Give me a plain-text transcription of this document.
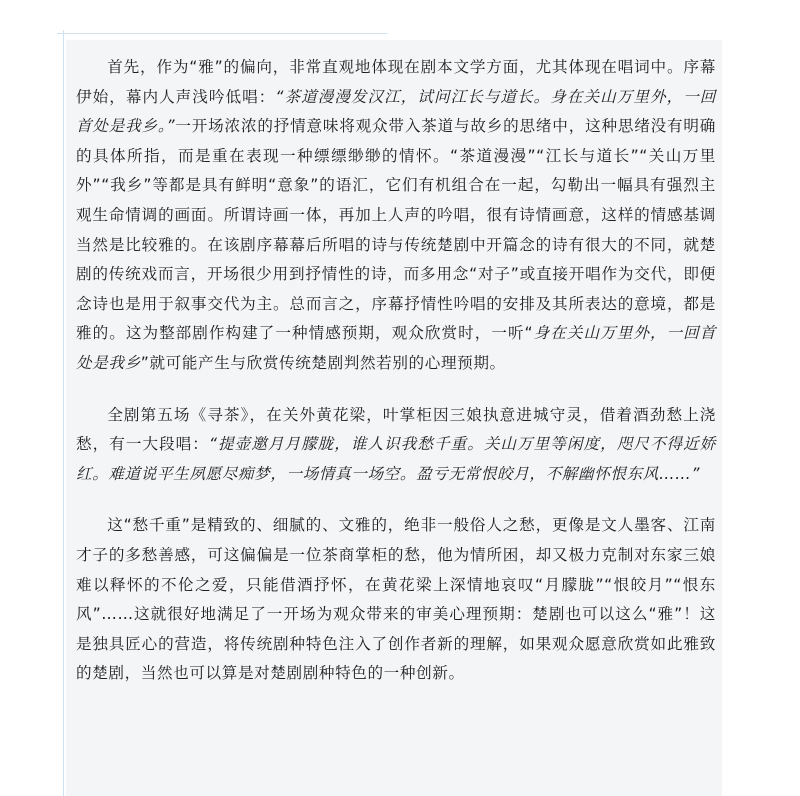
首先，作为“雅”的偏向，非常直观地体现在剧本文学方面，尤其体现在唱词中。序幕伊始，幕内人声浅吟低唱：“茶道漫漫发汉江，试问江长与道长。身在关山万里外，一回首处是我乡。”一开场浓浓的抒情意味将观众带入茶道与故乡的思绪中，这种思绪没有明确的具体所指，而是重在表现一种缥缥缈缈的情怀。“茶道漫漫”“江长与道长”“关山万里外”“我乡”等都是具有鲜明“意象”的语汇，它们有机组合在一起，勾勒出一幅具有强烈主观生命情调的画面。所谓诗画一体，再加上人声的吟唱，很有诗情画意，这样的情感基调当然是比较雅的。在该剧序幕幕后所唱的诗与传统楚剧中开篇念的诗有很大的不同，就楚剧的传统戏而言，开场很少用到抒情性的诗，而多用念“对子”或直接开唱作为交代，即便念诗也是用于叙事交代为主。总而言之，序幕抒情性吟唱的安排及其所表达的意境，都是雅的。这为整部剧作构建了一种情感预期，观众欣赏时，一听“身在关山万里外，一回首处是我乡”就可能产生与欣赏传统楚剧判然若别的心理预期。

全剧第五场《寻茶》，在关外黄花梁，叶掌柜因三娘执意进城守灵，借着酒劲愁上浇愁，有一大段唱：“提壶邀月月朦胧，谁人识我愁千重。关山万里等闲度，咫尺不得近娇红。难道说平生夙愿尽痴梦，一场情真一场空。盈亏无常恨皎月，不解幽怀恨东风……”

这“愁千重”是精致的、细腻的、文雅的，绝非一般俗人之愁，更像是文人墨客、江南才子的多愁善感，可这偏偏是一位茶商掌柜的愁，他为情所困，却又极力克制对东家三娘难以释怀的不伦之爱，只能借酒抒怀，在黄花梁上深情地哀叹“月朦胧”“恨皎月”“恨东风”……这就很好地满足了一开场为观众带来的审美心理预期：楚剧也可以这么“雅”！这是独具匠心的营造，将传统剧种特色注入了创作者新的理解，如果观众愿意欣赏如此雅致的楚剧，当然也可以算是对楚剧剧种特色的一种创新。
